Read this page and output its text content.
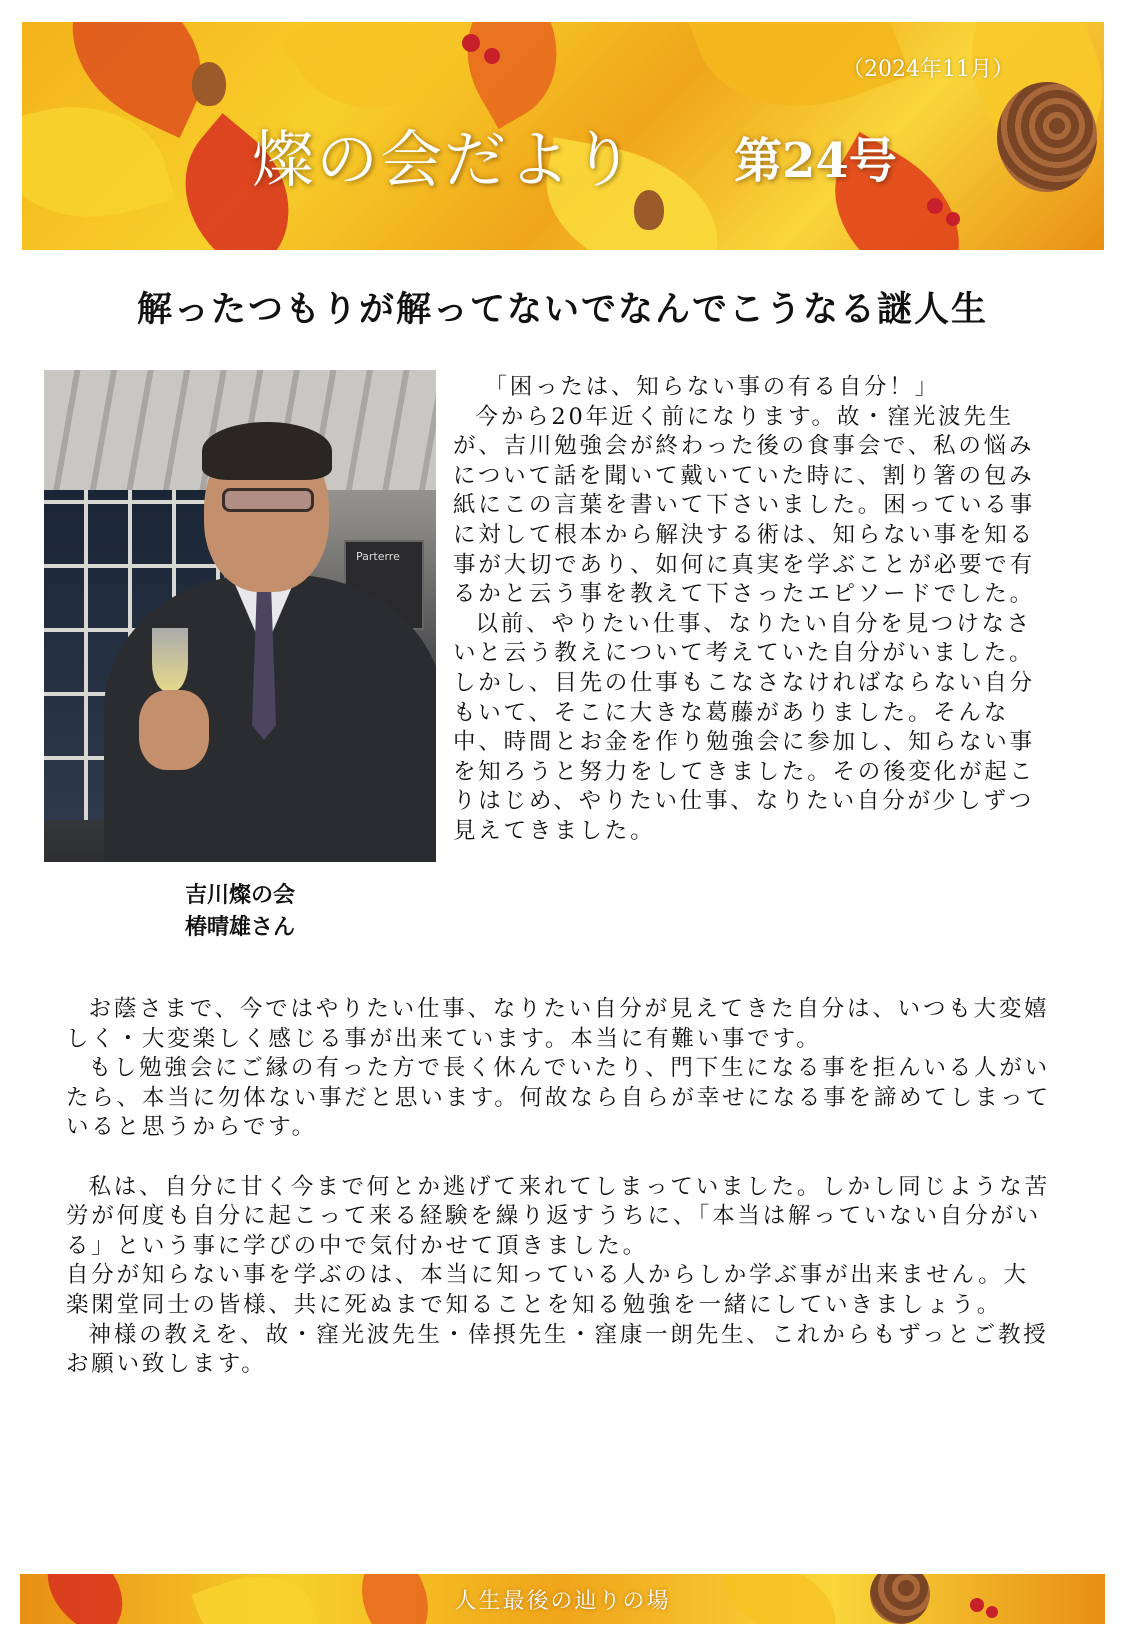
（2024年11月）
燦の会だより 第24号
解ったつもりが解ってないでなんでこうなる謎人生
Parterre
吉川燦の会
椿晴雄さん
「困ったは、知らない事の有る自分！」
今から20年近く前になります。故・窪光波先生が、吉川勉強会が終わった後の食事会で、私の悩みについて話を聞いて戴いていた時に、割り箸の包み紙にこの言葉を書いて下さいました。困っている事に対して根本から解決する術は、知らない事を知る事が大切であり、如何に真実を学ぶことが必要で有るかと云う事を教えて下さったエピソードでした。
以前、やりたい仕事、なりたい自分を見つけなさいと云う教えについて考えていた自分がいました。しかし、目先の仕事もこなさなければならない自分もいて、そこに大きな葛藤がありました。そんな中、時間とお金を作り勉強会に参加し、知らない事を知ろうと努力をしてきました。その後変化が起こりはじめ、やりたい仕事、なりたい自分が少しずつ見えてきました。
お蔭さまで、今ではやりたい仕事、なりたい自分が見えてきた自分は、いつも大変嬉しく・大変楽しく感じる事が出来ています。本当に有難い事です。
もし勉強会にご縁の有った方で長く休んでいたり、門下生になる事を拒んいる人がいたら、本当に勿体ない事だと思います。何故なら自らが幸せになる事を諦めてしまっていると思うからです。
私は、自分に甘く今まで何とか逃げて来れてしまっていました。しかし同じような苦労が何度も自分に起こって来る経験を繰り返すうちに、「本当は解っていない自分がいる」という事に学びの中で気付かせて頂きました。
自分が知らない事を学ぶのは、本当に知っている人からしか学ぶ事が出来ません。大楽閑堂同士の皆様、共に死ぬまで知ることを知る勉強を一緒にしていきましょう。
神様の教えを、故・窪光波先生・倖摂先生・窪康一朗先生、これからもずっとご教授お願い致します。
人生最後の辿りの場
